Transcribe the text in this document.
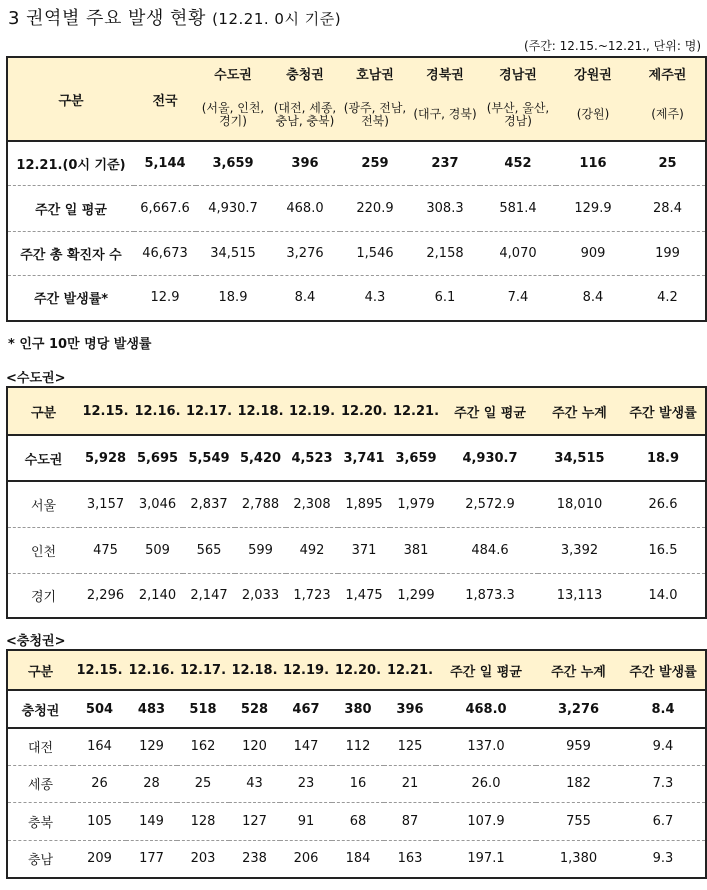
3 권역별 주요 발생 현황 (12.21. 0시 기준)
(주간: 12.15.~12.21., 단위: 명)
구분	전국	수도권	충청권	호남권	경북권	경남권	강원권	제주권
		(서울, 인천, 경기)	(대전, 세종, 충남, 충북)	(광주, 전남, 전북)	(대구, 경북)	(부산, 울산, 경남)	(강원)	(제주)
12.21.(0시 기준)	5,144	3,659	396	259	237	452	116	25
주간 일 평균	6,667.6	4,930.7	468.0	220.9	308.3	581.4	129.9	28.4
주간 총 확진자 수	46,673	34,515	3,276	1,546	2,158	4,070	909	199
주간 발생률*	12.9	18.9	8.4	4.3	6.1	7.4	8.4	4.2
* 인구 10만 명당 발생률
<수도권>
구분	12.15.	12.16.	12.17.	12.18.	12.19.	12.20.	12.21.	주간 일 평균	주간 누계	주간 발생률
수도권	5,928	5,695	5,549	5,420	4,523	3,741	3,659	4,930.7	34,515	18.9
서울	3,157	3,046	2,837	2,788	2,308	1,895	1,979	2,572.9	18,010	26.6
인천	475	509	565	599	492	371	381	484.6	3,392	16.5
경기	2,296	2,140	2,147	2,033	1,723	1,475	1,299	1,873.3	13,113	14.0
<충청권>
구분	12.15.	12.16.	12.17.	12.18.	12.19.	12.20.	12.21.	주간 일 평균	주간 누계	주간 발생률
충청권	504	483	518	528	467	380	396	468.0	3,276	8.4
대전	164	129	162	120	147	112	125	137.0	959	9.4
세종	26	28	25	43	23	16	21	26.0	182	7.3
충북	105	149	128	127	91	68	87	107.9	755	6.7
충남	209	177	203	238	206	184	163	197.1	1,380	9.3
